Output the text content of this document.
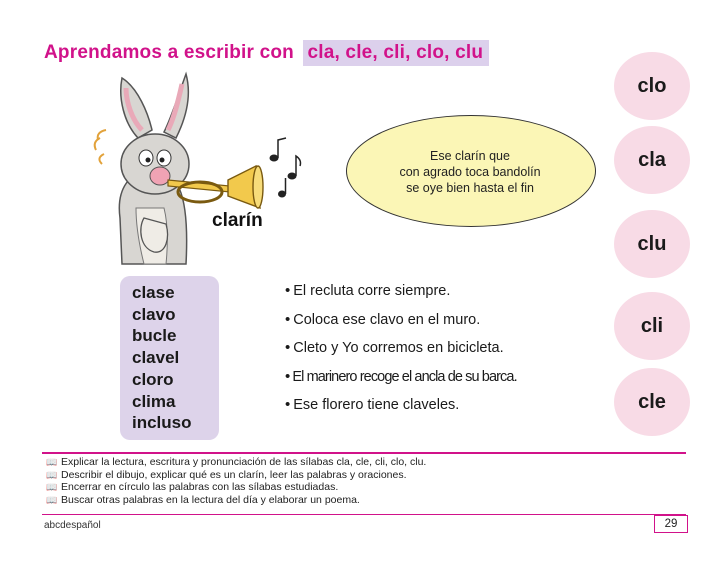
Aprendamos a escribir con cla, cle, cli, clo, clu
Ese clarín que
con agrado toca bandolín
se oye bien hasta el fin
clarín
clo
cla
clu
cli
cle
clase
clavo
bucle
clavel
cloro
clima
incluso
• El recluta corre siempre.
• Coloca ese clavo en el muro.
• Cleto y Yo corremos en bicicleta.
• El marinero recoge el ancla de su barca.
• Ese florero tiene claveles.
📖 Explicar la lectura, escritura y pronunciación de las sílabas cla, cle, cli, clo, clu.
📖 Describir el dibujo, explicar qué es un clarín, leer las palabras y oraciones.
📖 Encerrar en círculo las palabras con las sílabas estudiadas.
📖 Buscar otras palabras en la lectura del día y elaborar un poema.
abcdespañol	29
